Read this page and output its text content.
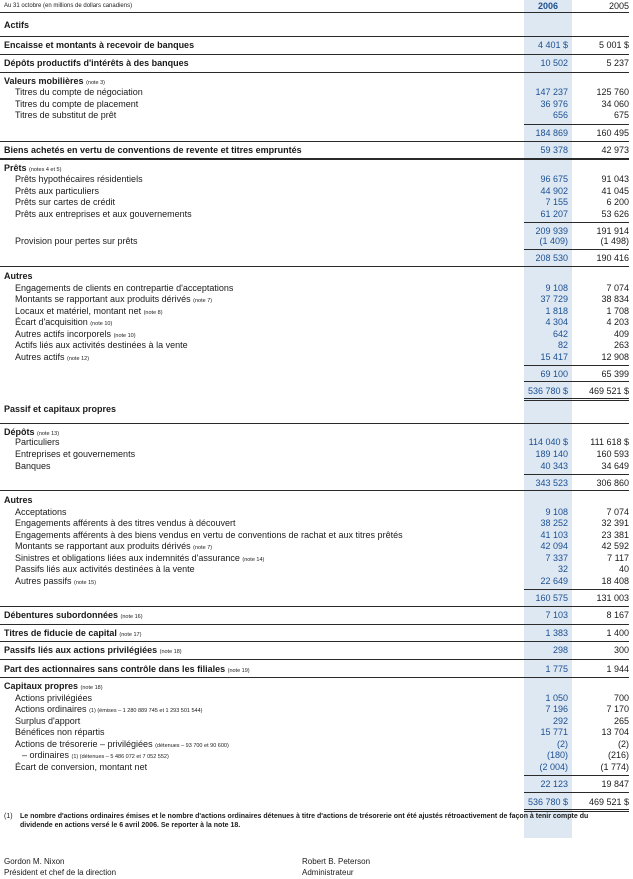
Au 31 octobre (en millions de dollars canadiens)	2006	2005
Actifs
Encaisse et montants à recevoir de banques	4 401 $	5 001 $
Dépôts productifs d'intérêts à des banques	10 502	5 237
Valeurs mobilières (note 3)
Titres du compte de négociation	147 237	125 760
Titres du compte de placement	36 976	34 060
Titres de substitut de prêt	656	675
184 869	160 495
Biens achetés en vertu de conventions de revente et titres empruntés	59 378	42 973
Prêts (notes 4 et 5)
Prêts hypothécaires résidentiels	96 675	91 043
Prêts aux particuliers	44 902	41 045
Prêts sur cartes de crédit	7 155	6 200
Prêts aux entreprises et aux gouvernements	61 207	53 626
209 939	191 914
Provision pour pertes sur prêts	(1 409)	(1 498)
208 530	190 416
Autres
Engagements de clients en contrepartie d'acceptations	9 108	7 074
Montants se rapportant aux produits dérivés (note 7)	37 729	38 834
Locaux et matériel, montant net (note 8)	1 818	1 708
Écart d'acquisition (note 10)	4 304	4 203
Autres actifs incorporels (note 10)	642	409
Actifs liés aux activités destinées à la vente	82	263
Autres actifs (note 12)	15 417	12 908
69 100	65 399
536 780 $	469 521 $
Passif et capitaux propres
Dépôts (note 13)
Particuliers	114 040 $	111 618 $
Entreprises et gouvernements	189 140	160 593
Banques	40 343	34 649
343 523	306 860
Autres
Acceptations	9 108	7 074
Engagements afférents à des titres vendus à découvert	38 252	32 391
Engagements afférents à des biens vendus en vertu de conventions de rachat et aux titres prêtés	41 103	23 381
Montants se rapportant aux produits dérivés (note 7)	42 094	42 592
Sinistres et obligations liées aux indemnités d'assurance (note 14)	7 337	7 117
Passifs liés aux activités destinées à la vente	32	40
Autres passifs (note 15)	22 649	18 408
160 575	131 003
Débentures subordonnées (note 16)	7 103	8 167
Titres de fiducie de capital (note 17)	1 383	1 400
Passifs liés aux actions privilégiées (note 18)	298	300
Part des actionnaires sans contrôle dans les filiales (note 19)	1 775	1 944
Capitaux propres (note 18)
Actions privilégiées	1 050	700
Actions ordinaires (1) (émises – 1 280 889 745 et 1 293 501 544)	7 196	7 170
Surplus d'apport	292	265
Bénéfices non répartis	15 771	13 704
Actions de trésorerie – privilégiées (détenues – 93 700 et 90 600)	(2)	(2)
– ordinaires (1) (détenues – 5 486 072 et 7 052 552)	(180)	(216)
Écart de conversion, montant net	(2 004)	(1 774)
22 123	19 847
536 780 $	469 521 $
(1) Le nombre d'actions ordinaires émises et le nombre d'actions ordinaires détenues à titre d'actions de trésorerie ont été ajustés rétroactivement de façon à tenir compte du dividende en actions versé le 6 avril 2006. Se reporter à la note 18.
Gordon M. Nixon
Président et chef de la direction
Robert B. Peterson
Administrateur
